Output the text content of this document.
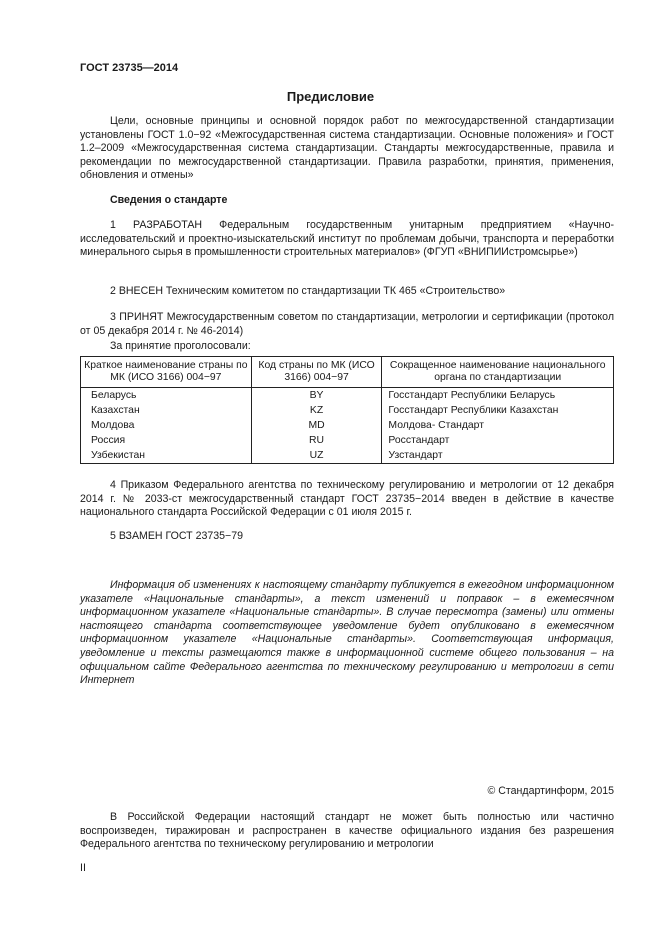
ГОСТ 23735—2014
Предисловие
Цели, основные принципы и основной порядок работ по межгосударственной стандартизации установлены ГОСТ 1.0−92 «Межгосударственная система стандартизации. Основные положения» и ГОСТ 1.2–2009 «Межгосударственная система стандартизации. Стандарты межгосударственные, правила и рекомендации по межгосударственной стандартизации. Правила разработки, принятия, применения, обновления и отмены»
Сведения о стандарте
1 РАЗРАБОТАН Федеральным государственным унитарным предприятием «Научно-исследовательский и проектно-изыскательский институт по проблемам добычи, транспорта и переработки минерального сырья в промышленности строительных материалов» (ФГУП «ВНИПИИстромсырье»)
2 ВНЕСЕН Техническим комитетом по стандартизации ТК 465 «Строительство»
3 ПРИНЯТ Межгосударственным советом по стандартизации, метрологии и сертификации (протокол от 05 декабря 2014 г. № 46-2014)
За принятие проголосовали:
Краткое наименование страны по МК (ИСО 3166) 004−97	Код страны по МК (ИСО 3166) 004−97	Сокращенное наименование национального органа по стандартизации
Беларусь	BY	Госстандарт Республики Беларусь
Казахстан	KZ	Госстандарт Республики Казахстан
Молдова	MD	Молдова- Стандарт
Россия	RU	Росстандарт
Узбекистан	UZ	Узстандарт
4 Приказом Федерального агентства по техническому регулированию и метрологии от 12 декабря 2014 г. № 2033-ст межгосударственный стандарт ГОСТ 23735−2014 введен в действие в качестве национального стандарта Российской Федерации с 01 июля 2015 г.
5 ВЗАМЕН ГОСТ 23735−79
Информация об изменениях к настоящему стандарту публикуется в ежегодном информационном указателе «Национальные стандарты», а текст изменений и поправок – в ежемесячном информационном указателе «Национальные стандарты». В случае пересмотра (замены) или отмены настоящего стандарта соответствующее уведомление будет опубликовано в ежемесячном информационном указателе «Национальные стандарты». Соответствующая информация, уведомление и тексты размещаются также в информационной системе общего пользования – на официальном сайте Федерального агентства по техническому регулированию и метрологии в сети Интернет
© Стандартинформ, 2015
В Российской Федерации настоящий стандарт не может быть полностью или частично воспроизведен, тиражирован и распространен в качестве официального издания без разрешения Федерального агентства по техническому регулированию и метрологии
II
